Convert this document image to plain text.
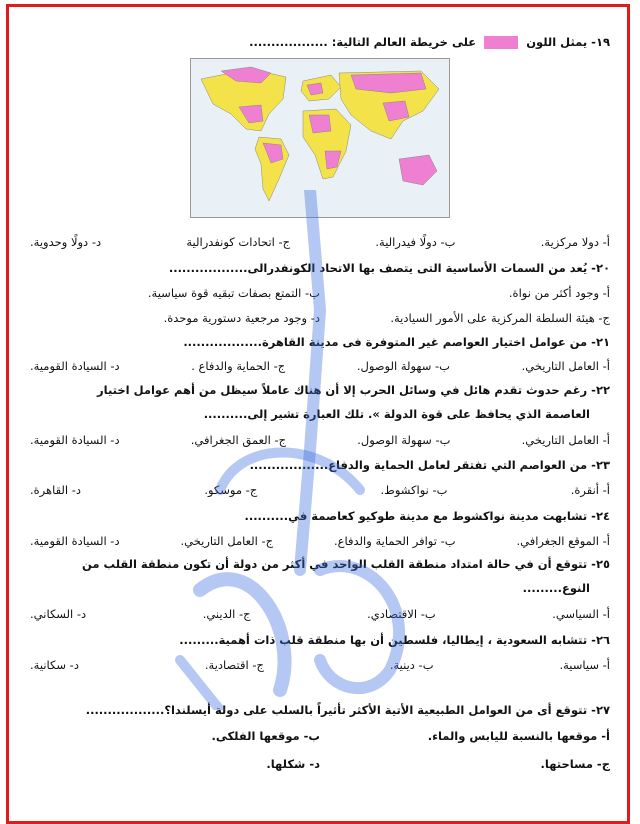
١٩- يمثل اللون  على خريطة العالم التالية: ..................
أ- دولا مركزية.
ب- دولًا فيدرالية.
ج- اتحادات كونفدرالية
د- دولًا وحدوية.
٢٠- يُعد من السمات الأساسية التى يتصف بها الاتحاد الكونفدرالى..................
أ- وجود أكثر من نواة.
ب- التمتع بصفات تبقيه قوة سياسية.
ج- هيئة السلطة المركزية على الأمور السيادية.
د- وجود مرجعية دستورية موحدة.
٢١- من عوامل اختيار العواصم غير المتوفرة فى مدينة القاهرة..................
أ- العامل التاريخي.
ب- سهولة الوصول.
ج- الحماية والدفاع .
د- السيادة القومية.
٢٢- رغم حدوث تقدم هائل في وسائل الحرب إلا أن هناك عاملاً سيظل من أهم عوامل اختيار
العاصمة الذي يحافظ على قوة الدولة ». تلك العبارة تشير إلى..........
أ- العامل التاريخي.
ب- سهولة الوصول.
ج- العمق الجغرافي.
د- السيادة القومية.
٢٣- من العواصم التي تفتقر لعامل الحماية والدفاع..................
أ- أنقرة.
ب- نواكشوط.
ج- موسكو.
د- القاهرة.
٢٤- تشابهت مدينة نواكشوط مع مدينة طوكيو كعاصمة في..........
أ- الموقع الجغرافي.
ب- توافر الحماية والدفاع.
ج- العامل التاريخي.
د- السيادة القومية.
٢٥- تتوقع أن في حالة امتداد منطقة القلب الواحد في أكثر من دولة أن تكون منطقة القلب من
النوع.........
أ- السياسي.
ب- الاقتصادي.
ج- الديني.
د- السكاني.
٢٦- تتشابه السعودية ، إيطاليا، فلسطين أن بها منطقة قلب ذات أهمية.........
أ- سياسية.
ب- دينية.
ج- اقتصادية.
د- سكانية.
٢٧- تتوقع أى من العوامل الطبيعية الأتية الأكثر تأثيراً بالسلب على دولة أيسلندا؟..................
أ- موقعها بالنسبة لليابس والماء.
ب- موقعها الفلكى.
ج- مساحتها.
د- شكلها.
